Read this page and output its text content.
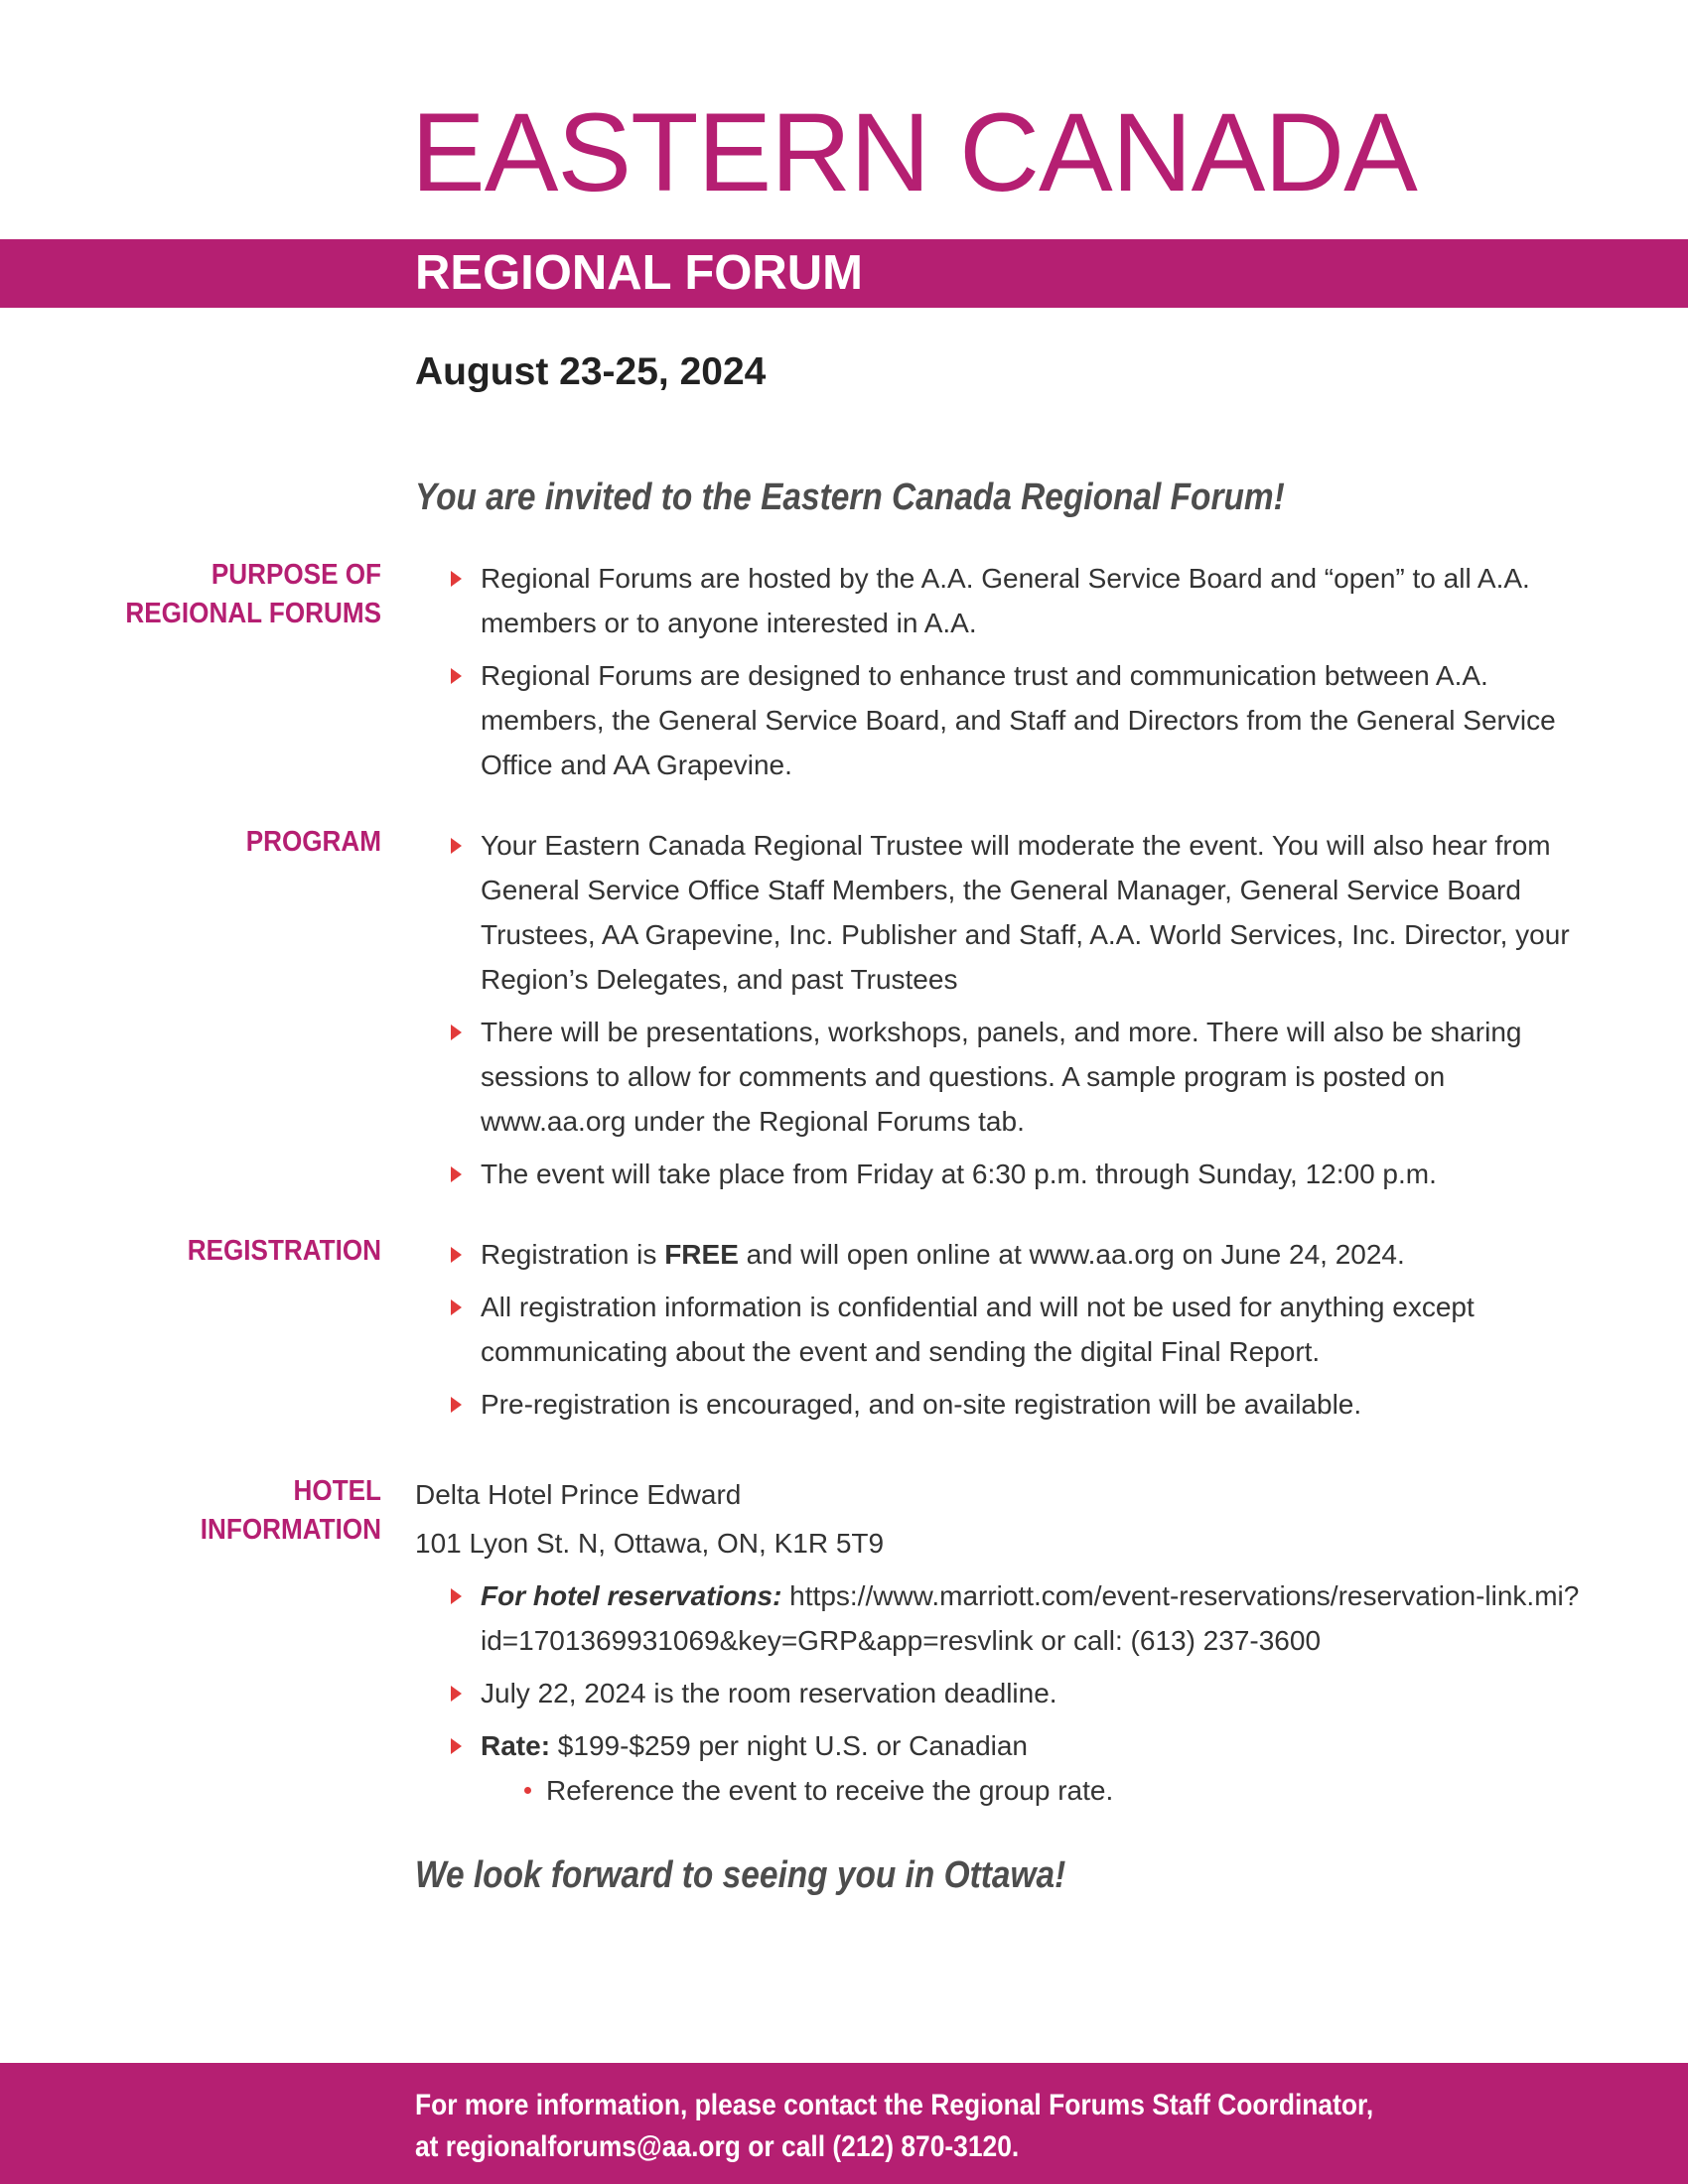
EASTERN CANADA
REGIONAL FORUM
August 23-25, 2024
You are invited to the Eastern Canada Regional Forum!
PURPOSE OF
REGIONAL FORUMS
Regional Forums are hosted by the A.A. General Service Board and “open” to all A.A. members or to anyone interested in A.A.
Regional Forums are designed to enhance trust and communication between A.A. members, the General Service Board, and Staff and Directors from the General Service Office and AA Grapevine.
PROGRAM	Your Eastern Canada Regional Trustee will moderate the event. You will also hear from General Service Office Staff Members, the General Manager, General Service Board Trustees, AA Grapevine, Inc. Publisher and Staff, A.A. World Services, Inc. Director, your Region’s Delegates, and past Trustees
There will be presentations, workshops, panels, and more. There will also be sharing sessions to allow for comments and questions. A sample program is posted on www.aa.org under the Regional Forums tab.
The event will take place from Friday at 6:30 p.m. through Sunday, 12:00 p.m.
REGISTRATION	Registration is FREE and will open online at www.aa.org on June 24, 2024.
All registration information is confidential and will not be used for anything except communicating about the event and sending the digital Final Report.
Pre-registration is encouraged, and on-site registration will be available.
HOTEL
INFORMATION
Delta Hotel Prince Edward
101 Lyon St. N, Ottawa, ON, K1R 5T9
For hotel reservations: https://www.marriott.com/event-reservations/reservation-link.mi?id=1701369931069&key=GRP&app=resvlink or call: (613) 237-3600
July 22, 2024 is the room reservation deadline.
Rate: $199-$259 per night U.S. or Canadian
Reference the event to receive the group rate.
We look forward to seeing you in Ottawa!
For more information, please contact the Regional Forums Staff Coordinator,
at regionalforums@aa.org or call (212) 870-3120.
